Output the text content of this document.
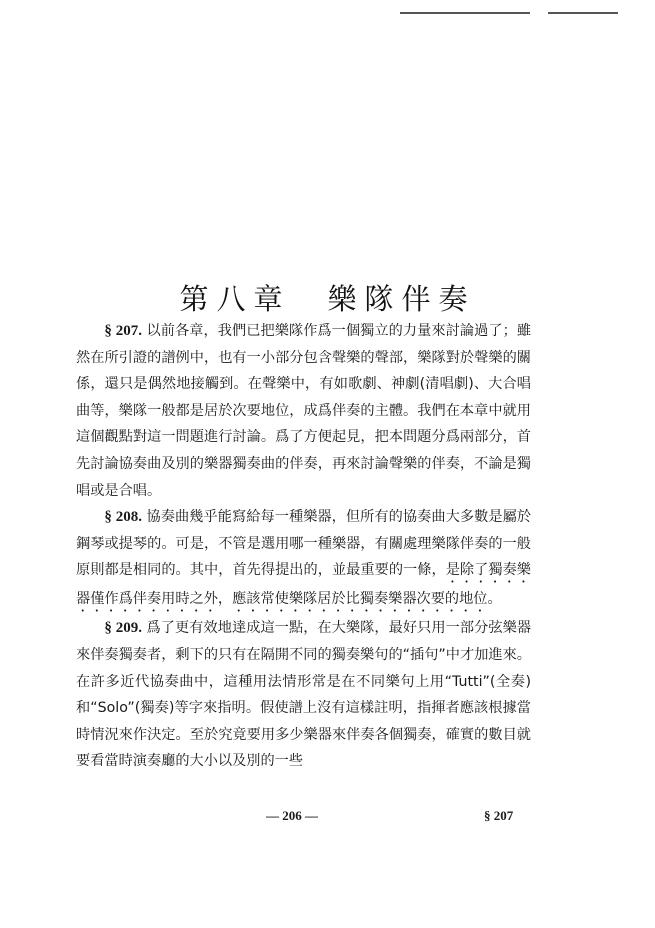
第八章　樂隊伴奏

§ 207. 以前各章，我們已把樂隊作爲一個獨立的力量來討論過了；雖然在所引證的譜例中，也有一小部分包含聲樂的聲部，樂隊對於聲樂的關係，還只是偶然地接觸到。在聲樂中，有如歌劇、神劇(清唱劇)、大合唱曲等，樂隊一般都是居於次要地位，成爲伴奏的主體。我們在本章中就用這個觀點對這一問題進行討論。爲了方便起見，把本問題分爲兩部分，首先討論協奏曲及別的樂器獨奏曲的伴奏，再來討論聲樂的伴奏，不論是獨唱或是合唱。

§ 208. 協奏曲幾乎能寫給每一種樂器，但所有的協奏曲大多數是屬於鋼琴或提琴的。可是，不管是選用哪一種樂器，有關處理樂隊伴奏的一般原則都是相同的。其中，首先得提出的，並最重要的一條，是除了獨奏樂器僅作爲伴奏用時之外，應該常使樂隊居於比獨奏樂器次要的地位。

§ 209. 爲了更有效地達成這一點，在大樂隊，最好只用一部分弦樂器來伴奏獨奏者，剩下的只有在隔開不同的獨奏樂句的“插句”中才加進來。在許多近代協奏曲中，這種用法情形常是在不同樂句上用“Tutti”(全奏)和“Solo”(獨奏)等字來指明。假使譜上沒有這樣註明，指揮者應該根據當時情況來作決定。至於究竟要用多少樂器來伴奏各個獨奏，確實的數目就要看當時演奏廳的大小以及別的一些

— 206 —	§ 207
